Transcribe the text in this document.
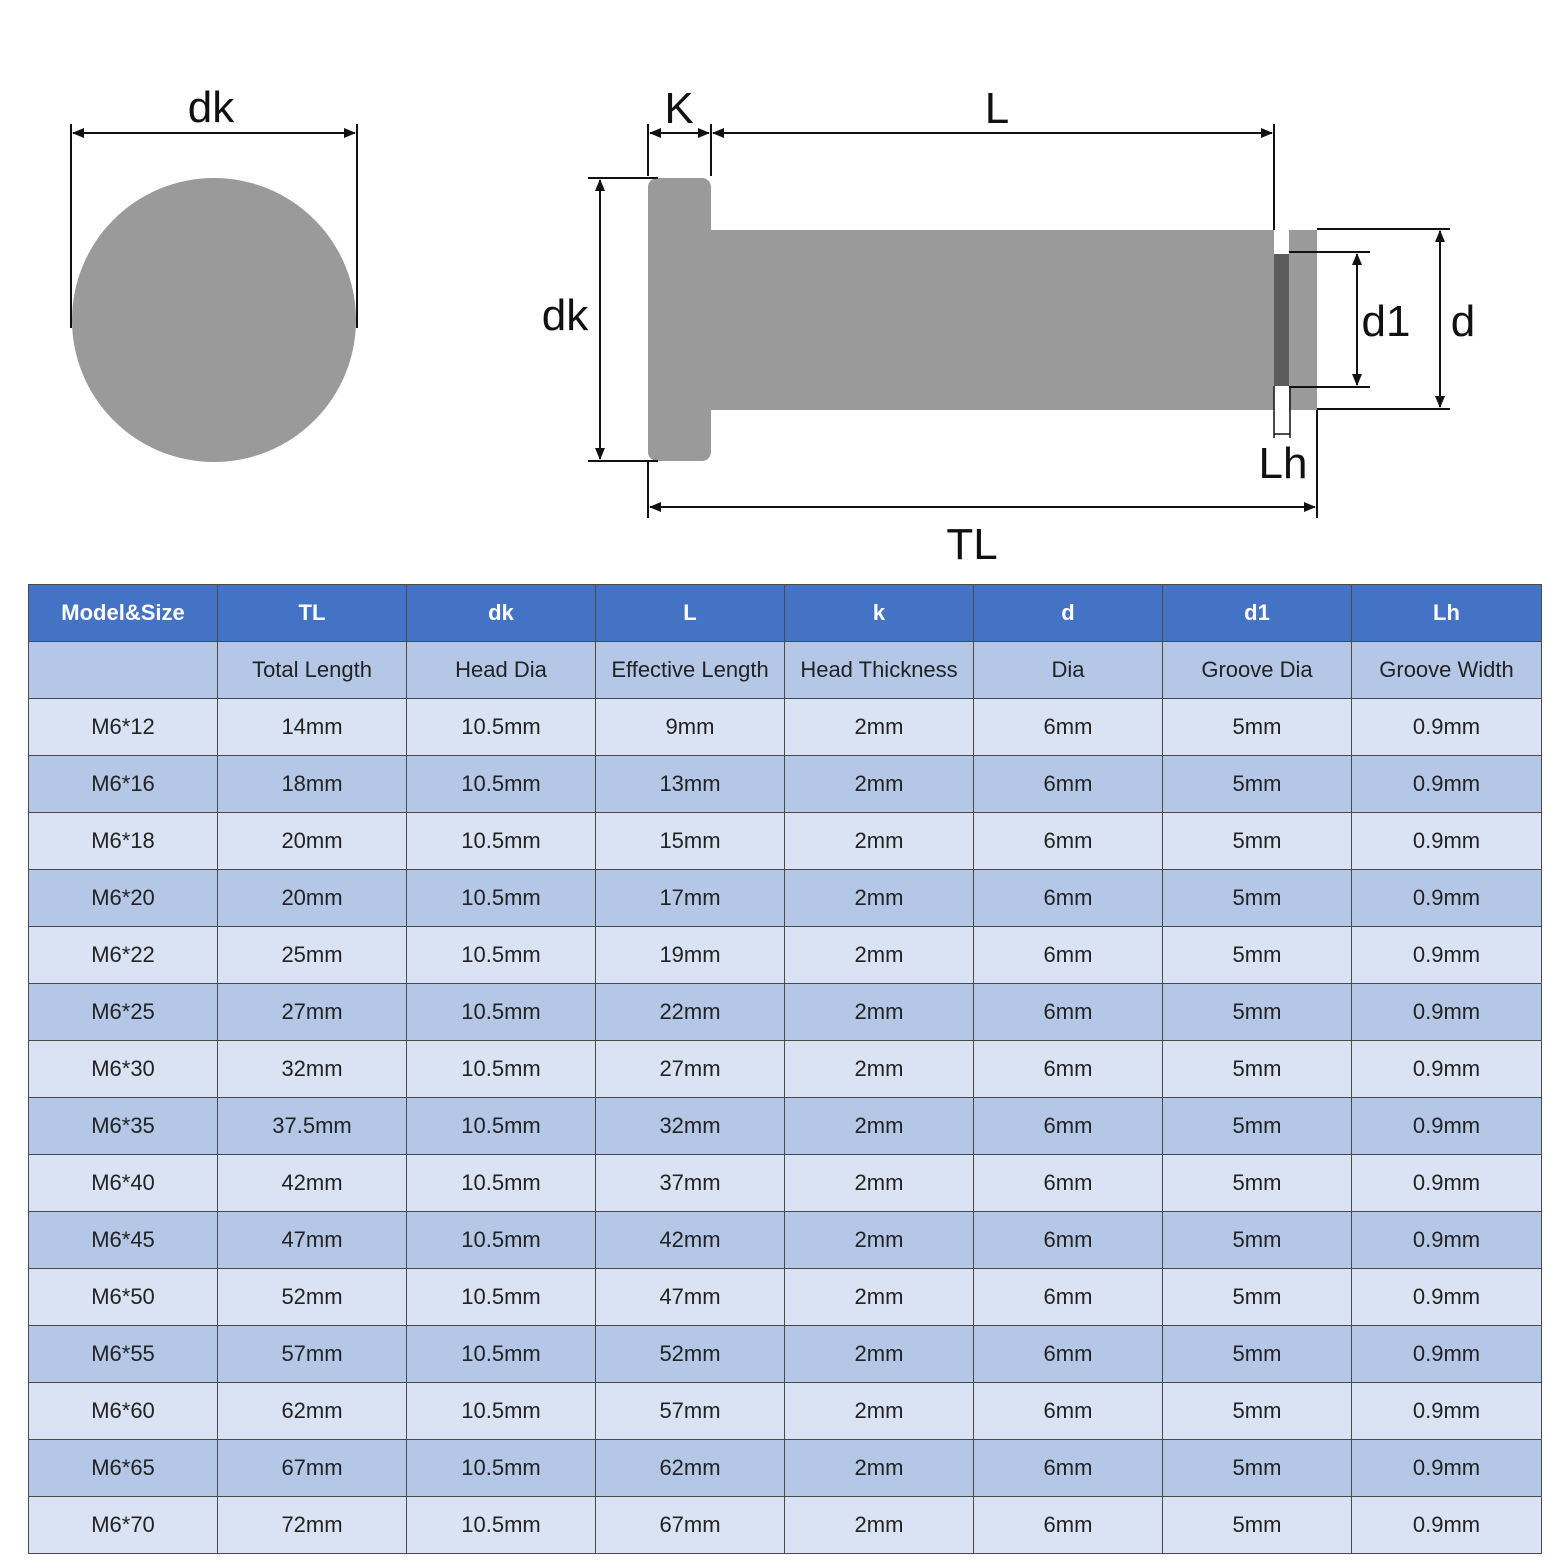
dk	K	L
dk	d1 d
Lh
TL
Model&Size	TL	dk	L	k	d	d1	Lh
	Total Length	Head Dia	Effective Length	Head Thickness	Dia	Groove Dia	Groove Width
M6*12	14mm	10.5mm	9mm	2mm	6mm	5mm	0.9mm
M6*16	18mm	10.5mm	13mm	2mm	6mm	5mm	0.9mm
M6*18	20mm	10.5mm	15mm	2mm	6mm	5mm	0.9mm
M6*20	20mm	10.5mm	17mm	2mm	6mm	5mm	0.9mm
M6*22	25mm	10.5mm	19mm	2mm	6mm	5mm	0.9mm
M6*25	27mm	10.5mm	22mm	2mm	6mm	5mm	0.9mm
M6*30	32mm	10.5mm	27mm	2mm	6mm	5mm	0.9mm
M6*35	37.5mm	10.5mm	32mm	2mm	6mm	5mm	0.9mm
M6*40	42mm	10.5mm	37mm	2mm	6mm	5mm	0.9mm
M6*45	47mm	10.5mm	42mm	2mm	6mm	5mm	0.9mm
M6*50	52mm	10.5mm	47mm	2mm	6mm	5mm	0.9mm
M6*55	57mm	10.5mm	52mm	2mm	6mm	5mm	0.9mm
M6*60	62mm	10.5mm	57mm	2mm	6mm	5mm	0.9mm
M6*65	67mm	10.5mm	62mm	2mm	6mm	5mm	0.9mm
M6*70	72mm	10.5mm	67mm	2mm	6mm	5mm	0.9mm
